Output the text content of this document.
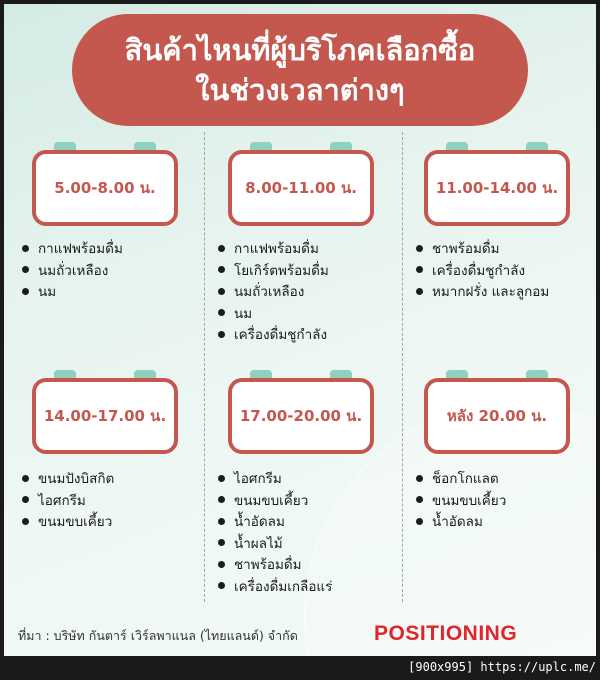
สินค้าไหนที่ผู้บริโภคเลือกซื้อ
ในช่วงเวลาต่างๆ
5.00-8.00 น.
กาแฟพร้อมดื่ม
นมถั่วเหลือง
นม
8.00-11.00 น.
กาแฟพร้อมดื่ม
โยเกิร์ตพร้อมดื่ม
นมถั่วเหลือง
นม
เครื่องดื่มชูกำลัง
11.00-14.00 น.
ชาพร้อมดื่ม
เครื่องดื่มชูกำลัง
หมากฝรั่ง และลูกอม
14.00-17.00 น.
ขนมปังบิสกิต
ไอศกรีม
ขนมขบเคี้ยว
17.00-20.00 น.
ไอศกรีม
ขนมขบเคี้ยว
น้ำอัดลม
น้ำผลไม้
ชาพร้อมดื่ม
เครื่องดื่มเกลือแร่
หลัง 20.00 น.
ช็อกโกแลต
ขนมขบเคี้ยว
น้ำอัดลม
ที่มา : บริษัท กันตาร์ เวิร์ลพาแนล (ไทยแลนด์) จำกัด	POSITIONING
[900x995] https://uplc.me/
